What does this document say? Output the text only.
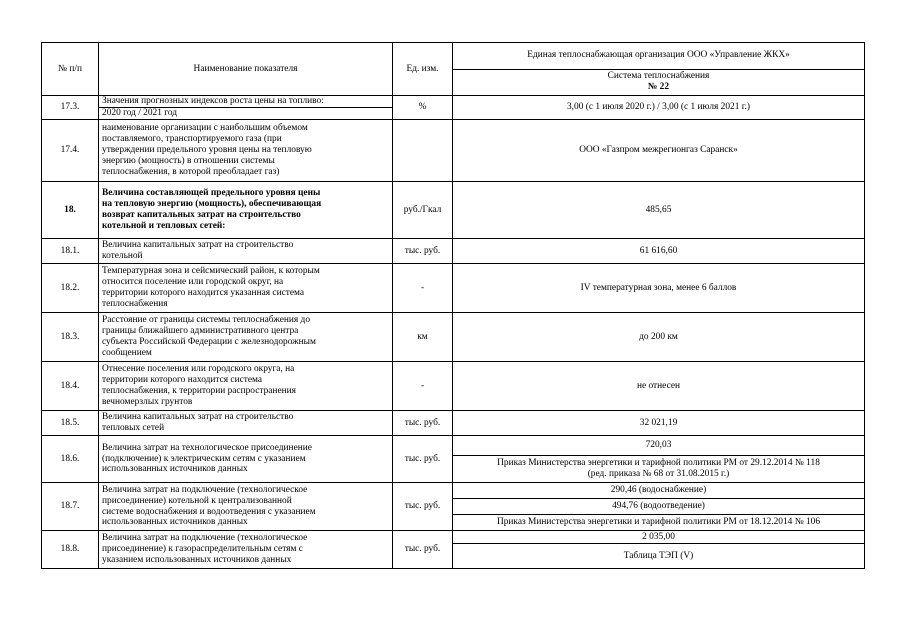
№ п/п	Наименование показателя	Ед. изм.	Единая теплоснабжающая организация ООО «Управление ЖКХ»

			Система теплоснабжения
№ 22

17.3.	Значения прогнозных индексов роста цены на топливо:	%	3,00 (с 1 июля 2020 г.) / 3,00 (с 1 июля 2021 г.)
	2020 год / 2021 год		
17.4.	наименование организации с наибольшим объемом
поставляемого, транспортируемого газа (при
утверждении предельного уровня цены на тепловую
энергию (мощность) в отношении системы
теплоснабжения, в которой преобладает газ)		ООО «Газпром межрегионгаз Саранск»
18.	Величина составляющей предельного уровня цены
на тепловую энергию (мощность), обеспечивающая
возврат капитальных затрат на строительство
котельной и тепловых сетей:	руб./Гкал	485,65
18.1.	Величина капитальных затрат на строительство
котельной	тыс. руб.	61 616,60
18.2.	Температурная зона и сейсмический район, к которым
относится поселение или городской округ, на
территории которого находится указанная система
теплоснабжения	-	IV температурная зона, менее 6 баллов
18.3.	Расстояние от границы системы теплоснабжения до
границы ближайшего административного центра
субъекта Российской Федерации с железнодорожным
сообщением	км	до 200 км
18.4.	Отнесение поселения или городского округа, на
территории которого находится система
теплоснабжения, к территории распространения
вечномерзлых грунтов	-	не отнесен
18.5.	Величина капитальных затрат на строительство
тепловых сетей	тыс. руб.	32 021,19
18.6.	Величина затрат на технологическое присоединение
(подключение) к электрическим сетям с указанием
использованных источников данных	тыс. руб.	720,03
			Приказ Министерства энергетики и тарифной политики РМ от 29.12.2014 № 118
(ред. приказа № 68 от 31.08.2015 г.)
18.7.	Величина затрат на подключение (технологическое
присоединение) котельной к централизованной
системе водоснабжения и водоотведения с указанием
использованных источников данных	тыс. руб.	290,46 (водоснабжение)
			494,76 (водоотведение)
			Приказ Министерства энергетики и тарифной политики РМ от 18.12.2014 № 106
18.8.	Величина затрат на подключение (технологическое
присоединение) к газораспределительным сетям с
указанием использованных источников данных	тыс. руб.	2 035,00
			Таблица ТЭП (V)
